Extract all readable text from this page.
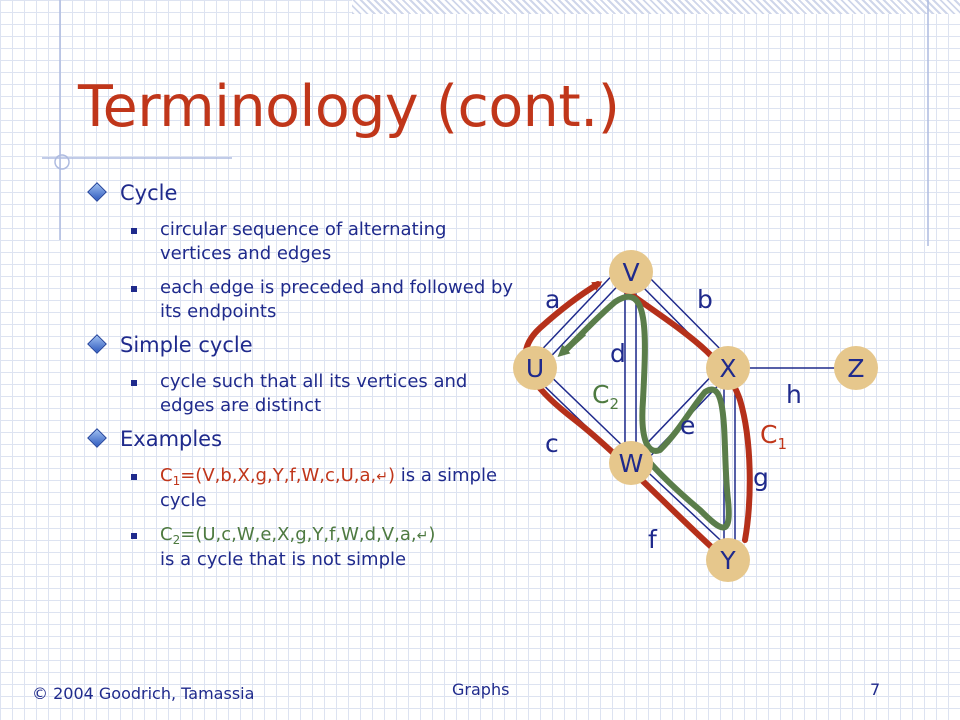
Terminology (cont.)
Cycle
circular sequence of alternating vertices and edges
each edge is preceded and followed by its endpoints
Simple cycle
cycle such that all its vertices and edges are distinct
Examples
$C_1=(V,b,X,g,Y,f,W,c,U,a,↵)$ is a simple cycle
$C_2=(U,c,W,e,X,g,Y,f,W,d,V,a,↵)$
is a cycle that is not simple
V
U	X	Z
W
Y
a	b
c
d
e
f
g
h
$C_1$
$C_2$
© 2004 Goodrich, Tamassia	Graphs	7
